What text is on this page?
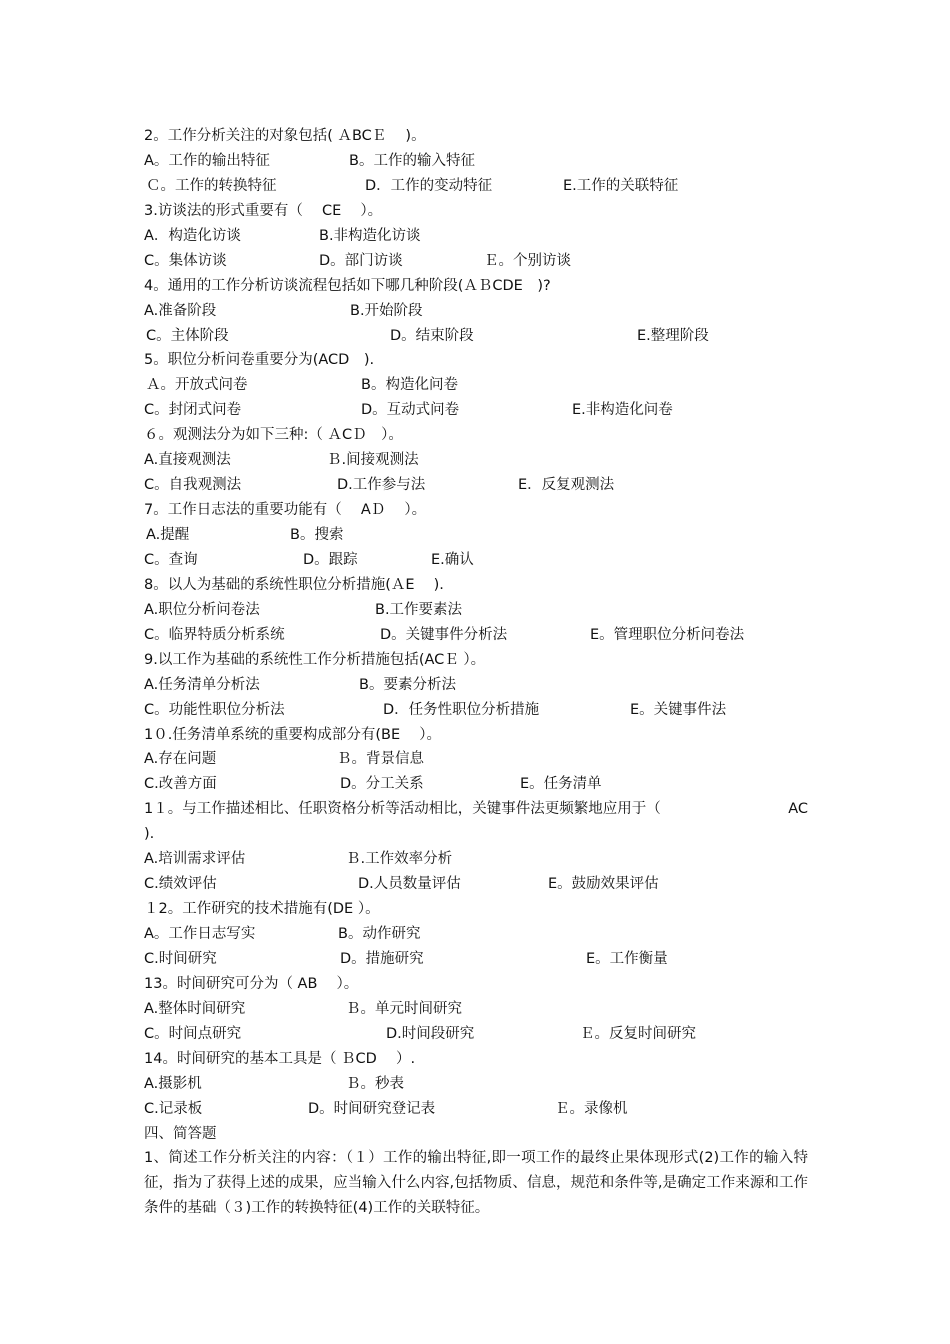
2。工作分析关注的对象包括( ＡBCＥ　 )。
A。工作的输出特征	B。工作的输入特征
Ｃ。工作的转换特征	D．工作的变动特征	E.工作的关联特征
3.访谈法的形式重要有（　 CE　 ）。
A．构造化访谈	B.非构造化访谈
C。集体访谈	D。部门访谈	Ｅ。个别访谈
4。通用的工作分析访谈流程包括如下哪几种阶段(ＡＢCDE　)?
A.准备阶段	B.开始阶段
C。主体阶段	D。结束阶段	E.整理阶段
5。职位分析问卷重要分为(ACD　).
Ａ。开放式问卷	B。构造化问卷
C。封闭式问卷	D。互动式问卷	E.非构造化问卷
６。观测法分为如下三种:（ ＡCＤ　）。
A.直接观测法	Ｂ.间接观测法
C。自我观测法	D.工作参与法	E．反复观测法
7。工作日志法的重要功能有（　 AＤ　 ）。
A.提醒	B。搜索
C。查询	D。跟踪	E.确认
8。以人为基础的系统性职位分析措施(ＡE　 ).
A.职位分析问卷法	B.工作要素法
C。临界特质分析系统	D。关键事件分析法	E。管理职位分析问卷法
9.以工作为基础的系统性工作分析措施包括(ACＥ ）。
A.任务清单分析法	B。要素分析法
C。功能性职位分析法	D．任务性职位分析措施	E。关键事件法
1０.任务清单系统的重要构成部分有(BE　 ）。
A.存在问题	Ｂ。背景信息
C.改善方面	D。分工关系	E。任务清单
1１。与工作描述相比、任职资格分析等活动相比，关键事件法更频繁地应用于（	AC
).
A.培训需求评估	Ｂ.工作效率分析
C.绩效评估	D.人员数量评估	E。鼓励效果评估
１2。工作研究的技术措施有(DE ）。
A。工作日志写实	B。动作研究
C.时间研究	D。措施研究	E。工作衡量
13。时间研究可分为（ AB　 ）。
A.整体时间研究	Ｂ。单元时间研究
C。时间点研究	D.时间段研究	Ｅ。反复时间研究
14。时间研究的基本工具是（ ＢCD　 ）.
A.摄影机	Ｂ。秒表
C.记录板	D。时间研究登记表	Ｅ。录像机
四、简答题
1、简述工作分析关注的内容：（１）工作的输出特征,即一项工作的最终止果体现形式(2)工作的输入特征，指为了获得上述的成果，应当输入什么内容,包括物质、信息，规范和条件等,是确定工作来源和工作条件的基础（３)工作的转换特征(4)工作的关联特征。
